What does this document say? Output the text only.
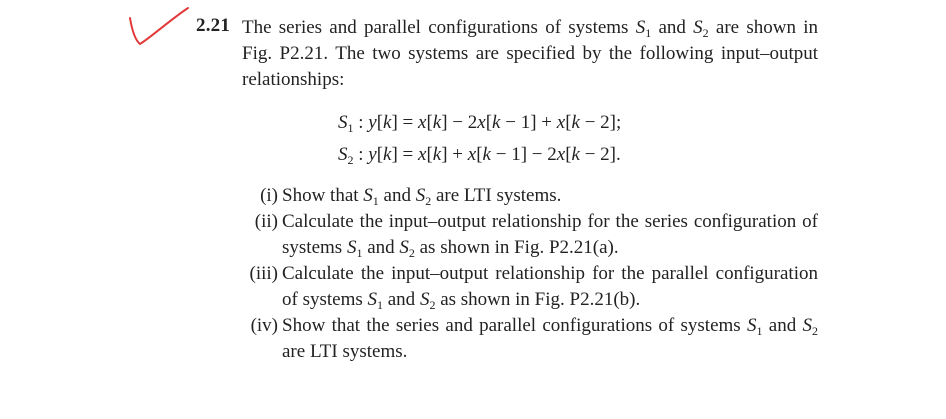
2.21 The series and parallel configurations of systems $S_1$ and $S_2$ are shown in Fig. P2.21. The two systems are specified by the following input–output relationships:
$S_1$ : y[k] = x[k] − 2x[k − 1] + x[k − 2];
$S_2$ : y[k] = x[k] + x[k − 1] − 2x[k − 2].
(i) Show that $S_1$ and $S_2$ are LTI systems.
(ii) Calculate the input–output relationship for the series configuration of systems $S_1$ and $S_2$ as shown in Fig. P2.21(a).
(iii) Calculate the input–output relationship for the parallel configuration of systems $S_1$ and $S_2$ as shown in Fig. P2.21(b).
(iv) Show that the series and parallel configurations of systems $S_1$ and $S_2$ are LTI systems.
